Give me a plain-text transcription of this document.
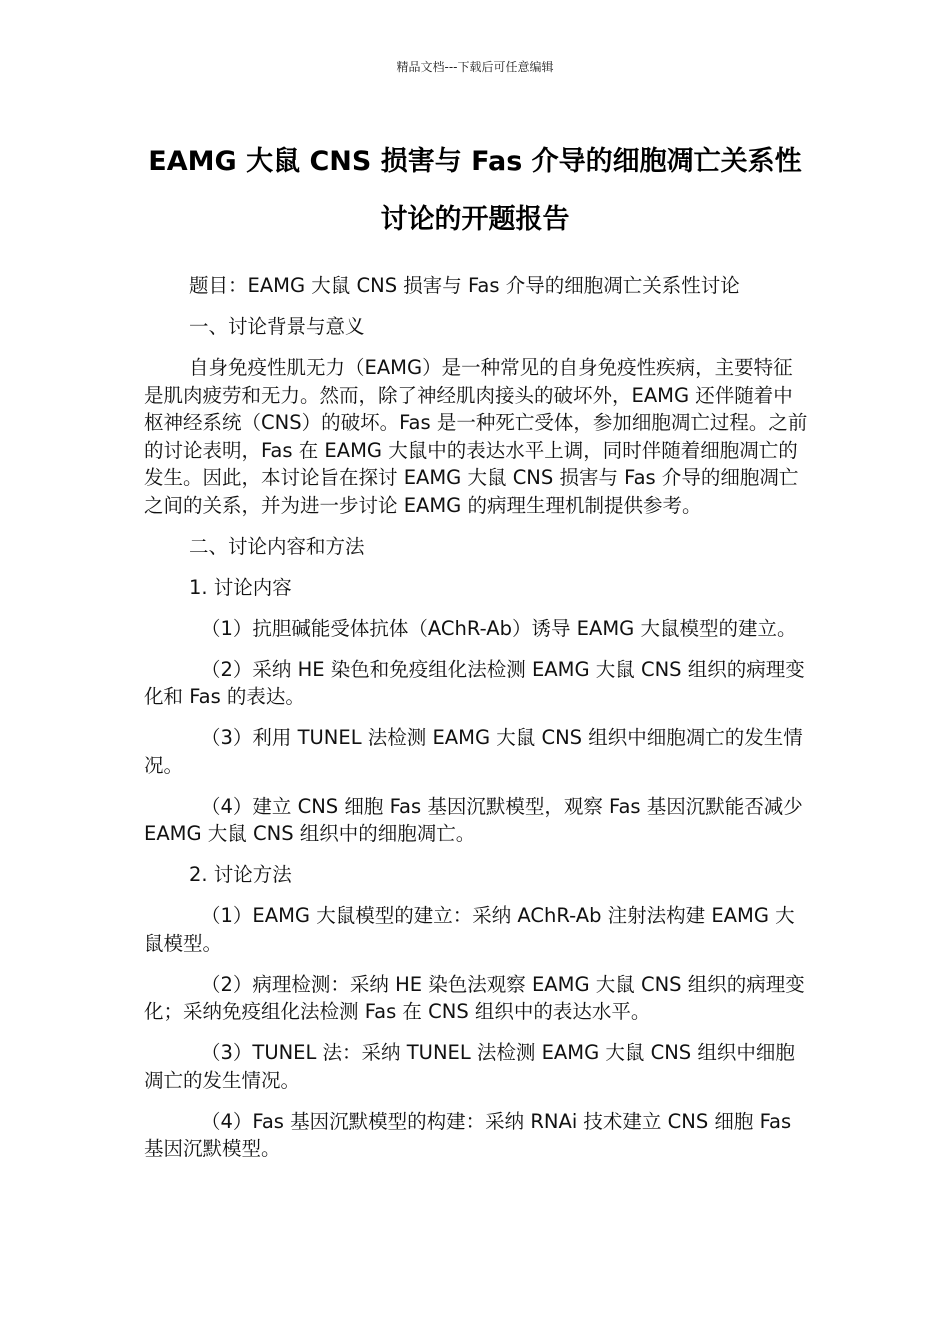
精品文档---下载后可任意编辑
EAMG 大鼠 CNS 损害与 Fas 介导的细胞凋亡关系性
讨论的开题报告

题目：EAMG 大鼠 CNS 损害与 Fas 介导的细胞凋亡关系性讨论

一、讨论背景与意义

自身免疫性肌无力（EAMG）是一种常见的自身免疫性疾病，主要特征是肌肉疲劳和无力。然而，除了神经肌肉接头的破坏外，EAMG 还伴随着中枢神经系统（CNS）的破坏。Fas 是一种死亡受体，参加细胞凋亡过程。之前的讨论表明，Fas 在 EAMG 大鼠中的表达水平上调，同时伴随着细胞凋亡的发生。因此，本讨论旨在探讨 EAMG 大鼠 CNS 损害与 Fas 介导的细胞凋亡之间的关系，并为进一步讨论 EAMG 的病理生理机制提供参考。

二、讨论内容和方法

1. 讨论内容

（1）抗胆碱能受体抗体（AChR-Ab）诱导 EAMG 大鼠模型的建立。

（2）采纳 HE 染色和免疫组化法检测 EAMG 大鼠 CNS 组织的病理变化和 Fas 的表达。

（3）利用 TUNEL 法检测 EAMG 大鼠 CNS 组织中细胞凋亡的发生情况。

（4）建立 CNS 细胞 Fas 基因沉默模型，观察 Fas 基因沉默能否减少 EAMG 大鼠 CNS 组织中的细胞凋亡。

2. 讨论方法

（1）EAMG 大鼠模型的建立：采纳 AChR-Ab 注射法构建 EAMG 大鼠模型。

（2）病理检测：采纳 HE 染色法观察 EAMG 大鼠 CNS 组织的病理变化；采纳免疫组化法检测 Fas 在 CNS 组织中的表达水平。

（3）TUNEL 法：采纳 TUNEL 法检测 EAMG 大鼠 CNS 组织中细胞凋亡的发生情况。

（4）Fas 基因沉默模型的构建：采纳 RNAi 技术建立 CNS 细胞 Fas 基因沉默模型。
